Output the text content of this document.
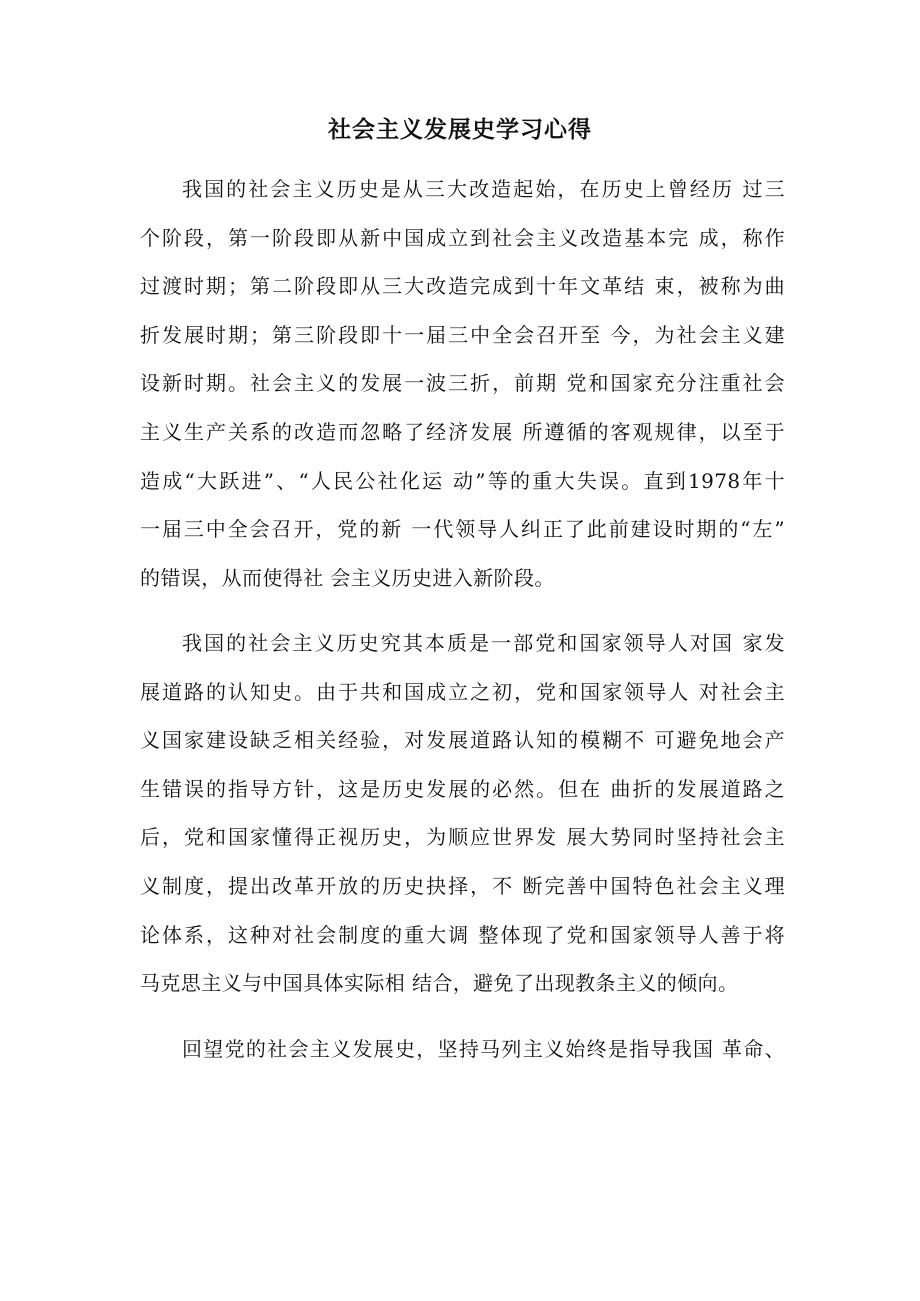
社会主义发展史学习心得
我国的社会主义历史是从三大改造起始，在历史上曾经历 过三
个阶段，第一阶段即从新中国成立到社会主义改造基本完 成，称作
过渡时期；第二阶段即从三大改造完成到十年文革结 束，被称为曲
折发展时期；第三阶段即十一届三中全会召开至 今，为社会主义建
设新时期。社会主义的发展一波三折，前期 党和国家充分注重社会
主义生产关系的改造而忽略了经济发展 所遵循的客观规律，以至于
造成“大跃进”、“人民公社化运 动”等的重大失误。直到1978年十
一届三中全会召开，党的新 一代领导人纠正了此前建设时期的“左”
的错误，从而使得社 会主义历史进入新阶段。
我国的社会主义历史究其本质是一部党和国家领导人对国 家发
展道路的认知史。由于共和国成立之初，党和国家领导人 对社会主
义国家建设缺乏相关经验，对发展道路认知的模糊不 可避免地会产
生错误的指导方针，这是历史发展的必然。但在 曲折的发展道路之
后，党和国家懂得正视历史，为顺应世界发 展大势同时坚持社会主
义制度，提出改革开放的历史抉择，不 断完善中国特色社会主义理
论体系，这种对社会制度的重大调 整体现了党和国家领导人善于将
马克思主义与中国具体实际相 结合，避免了出现教条主义的倾向。
回望党的社会主义发展史，坚持马列主义始终是指导我国 革命、
